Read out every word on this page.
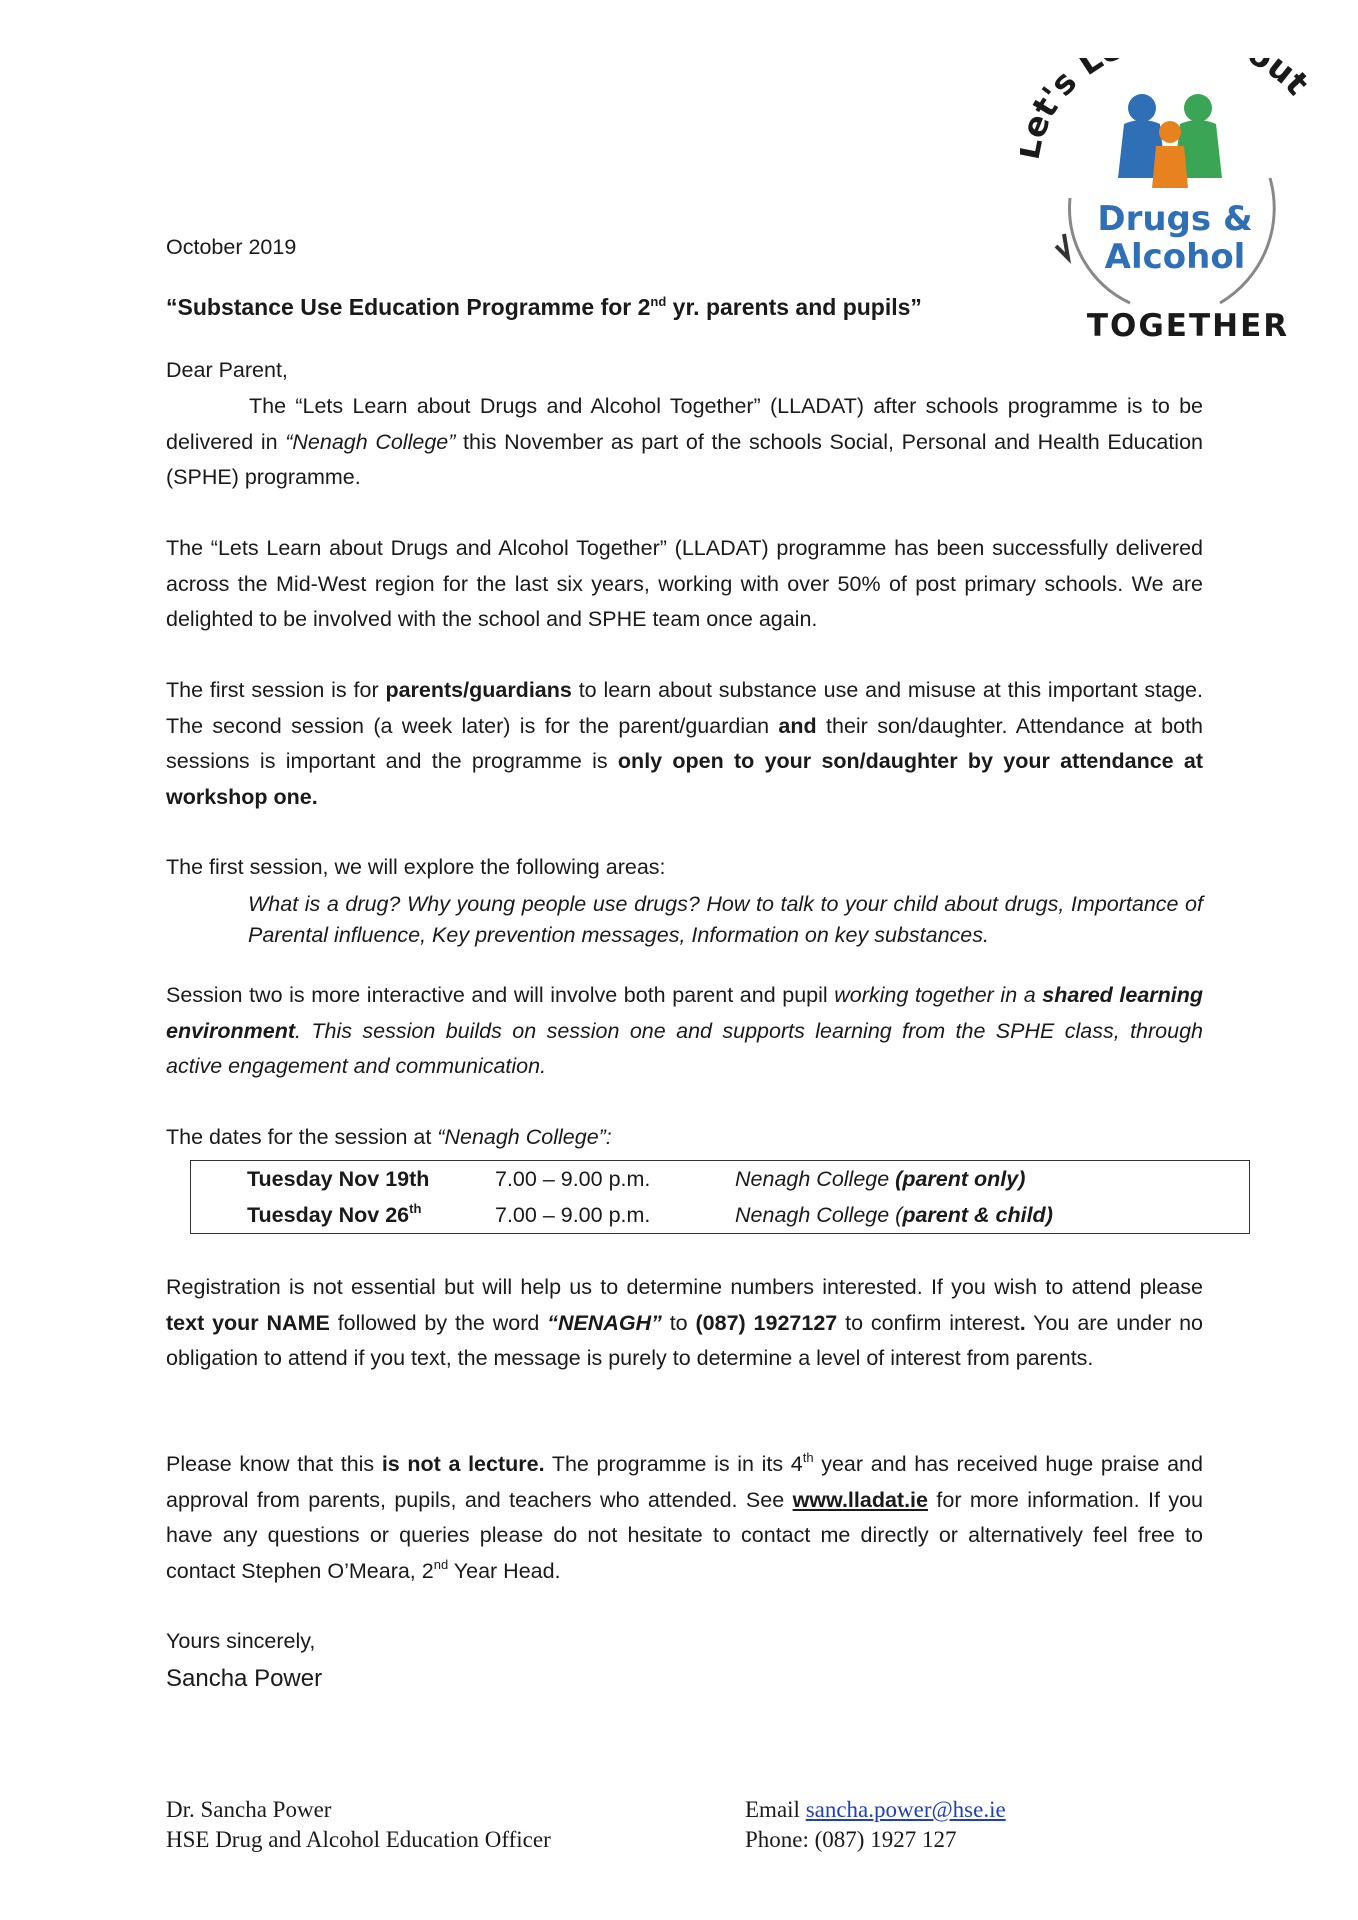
t's L ut
Drugs &
Alcohol
TOGETHER

October 2019

“Substance Use Education Programme for 2nd yr. parents and pupils”

Dear Parent,

The “Lets Learn about Drugs and Alcohol Together” (LLADAT) after schools programme is to be delivered in “Nenagh College” this November as part of the schools Social, Personal and Health Education (SPHE) programme.

The “Lets Learn about Drugs and Alcohol Together” (LLADAT) programme has been successfully delivered across the Mid-West region for the last six years, working with over 50% of post primary schools. We are delighted to be involved with the school and SPHE team once again.

The first session is for parents/guardians to learn about substance use and misuse at this important stage. The second session (a week later) is for the parent/guardian and their son/daughter. Attendance at both sessions is important and the programme is only open to your son/daughter by your attendance at workshop one.

The first session, we will explore the following areas:

What is a drug? Why young people use drugs? How to talk to your child about drugs, Importance of Parental influence, Key prevention messages, Information on key substances.

Session two is more interactive and will involve both parent and pupil working together in a shared learning environment. This session builds on session one and supports learning from the SPHE class, through active engagement and communication.

The dates for the session at “Nenagh College”:

Tuesday Nov 19th	7.00 – 9.00 p.m.	Nenagh College (parent only)
Tuesday Nov 26th	7.00 – 9.00 p.m.	Nenagh College (parent & child)

Registration is not essential but will help us to determine numbers interested. If you wish to attend please text your NAME followed by the word “NENAGH” to (087) 1927127 to confirm interest. You are under no obligation to attend if you text, the message is purely to determine a level of interest from parents.

Please know that this is not a lecture. The programme is in its 4th year and has received huge praise and approval from parents, pupils, and teachers who attended. See www.lladat.ie for more information. If you have any questions or queries please do not hesitate to contact me directly or alternatively feel free to contact Stephen O’Meara, 2nd Year Head.

Yours sincerely,

Sancha Power
Dr. Sancha Power
HSE Drug and Alcohol Education Officer
Email sancha.power@hse.ie
Phone: (087) 1927 127
